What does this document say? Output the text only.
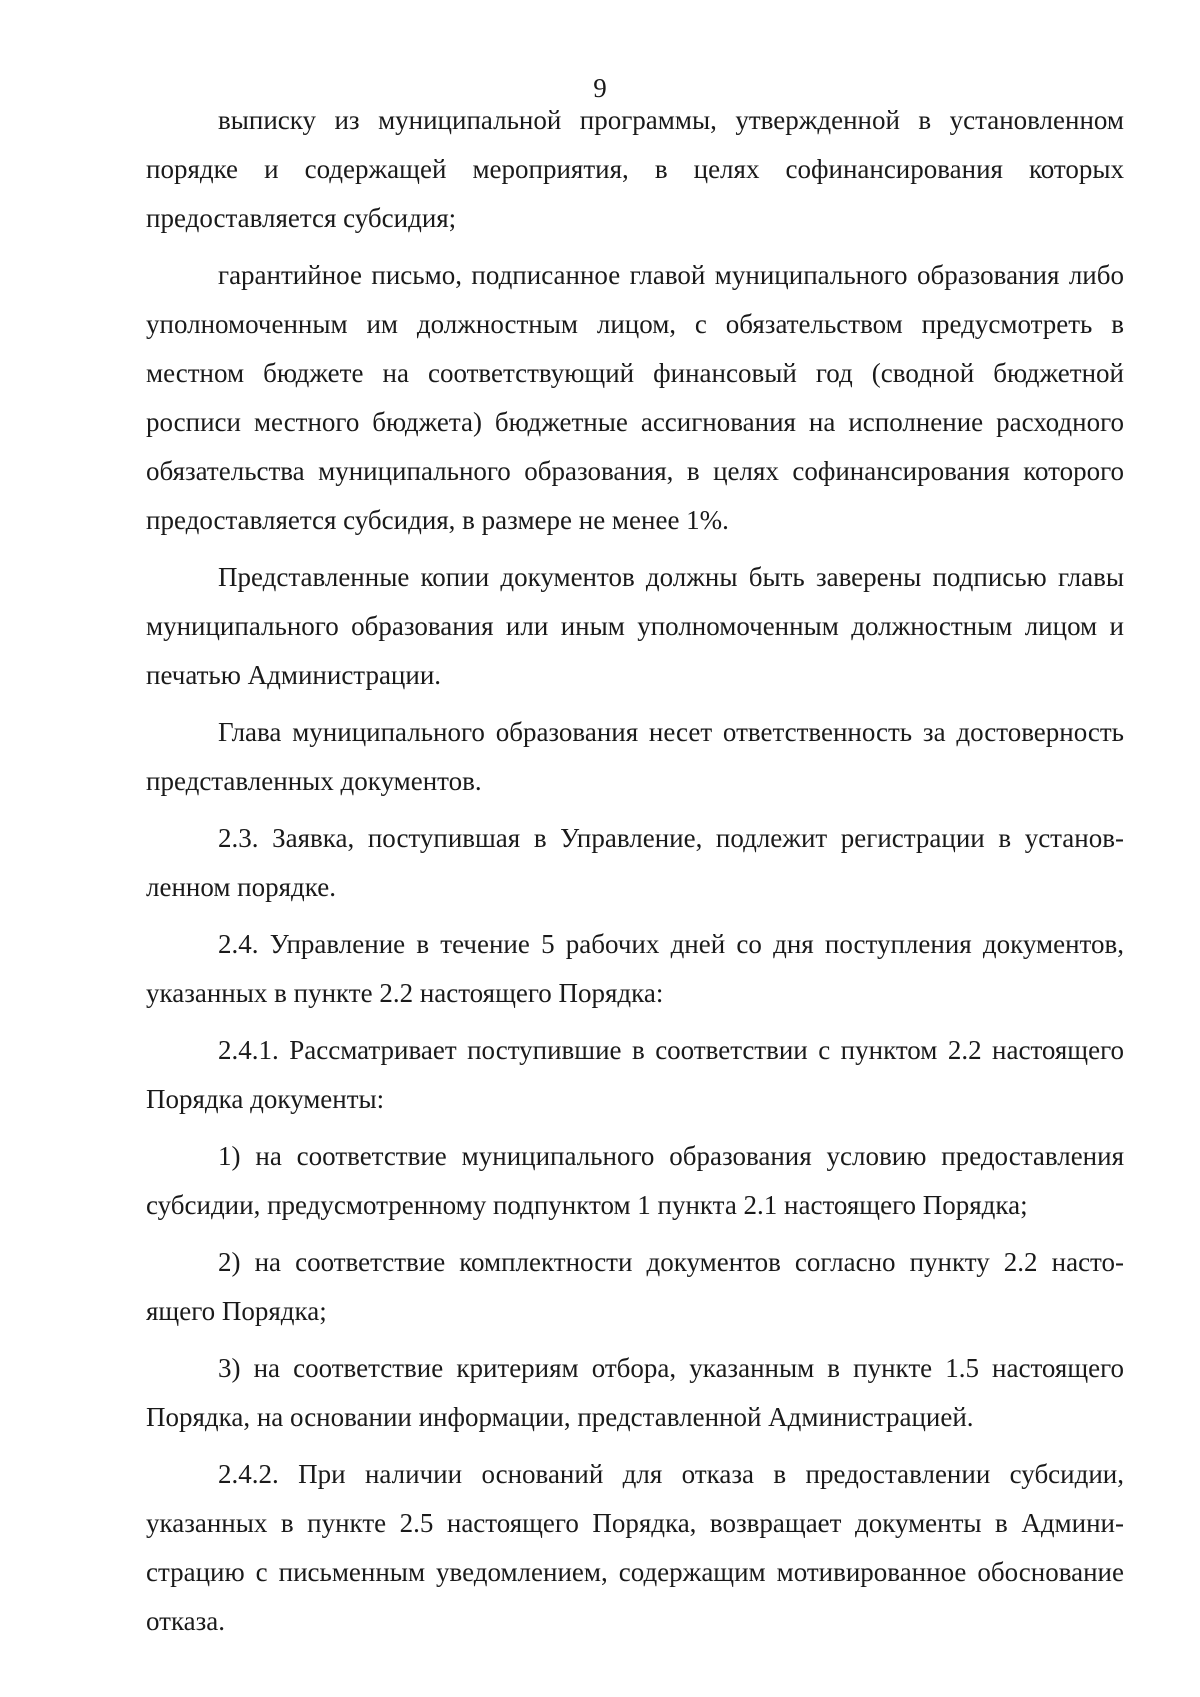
9

выписку из муниципальной программы, утвержденной в установленном порядке и содержащей мероприятия, в целях софинансирования которых предоставляется субсидия;

гарантийное письмо, подписанное главой муниципального образования либо уполномоченным им должностным лицом, с обязательством предусмотреть в местном бюджете на соответствующий финансовый год (сводной бюджетной росписи местного бюджета) бюджетные ассигнования на исполнение расходного обязательства муниципального образования, в целях софинансирования которого предоставляется субсидия, в размере не менее 1%.

Представленные копии документов должны быть заверены подписью главы муниципального образования или иным уполномоченным должностным лицом и печатью Администрации.

Глава муниципального образования несет ответственность за достоверность представленных документов.

2.3. Заявка, поступившая в Управление, подлежит регистрации в установленном порядке.

2.4. Управление в течение 5 рабочих дней со дня поступления документов, указанных в пункте 2.2 настоящего Порядка:

2.4.1. Рассматривает поступившие в соответствии с пунктом 2.2 настоящего Порядка документы:

1) на соответствие муниципального образования условию предоставления субсидии, предусмотренному подпунктом 1 пункта 2.1 настоящего Порядка;

2) на соответствие комплектности документов согласно пункту 2.2 настоящего Порядка;

3) на соответствие критериям отбора, указанным в пункте 1.5 настоящего Порядка, на основании информации, представленной Администрацией.

2.4.2. При наличии оснований для отказа в предоставлении субсидии, указанных в пункте 2.5 настоящего Порядка, возвращает документы в Администрацию с письменным уведомлением, содержащим мотивированное обоснование отказа.
